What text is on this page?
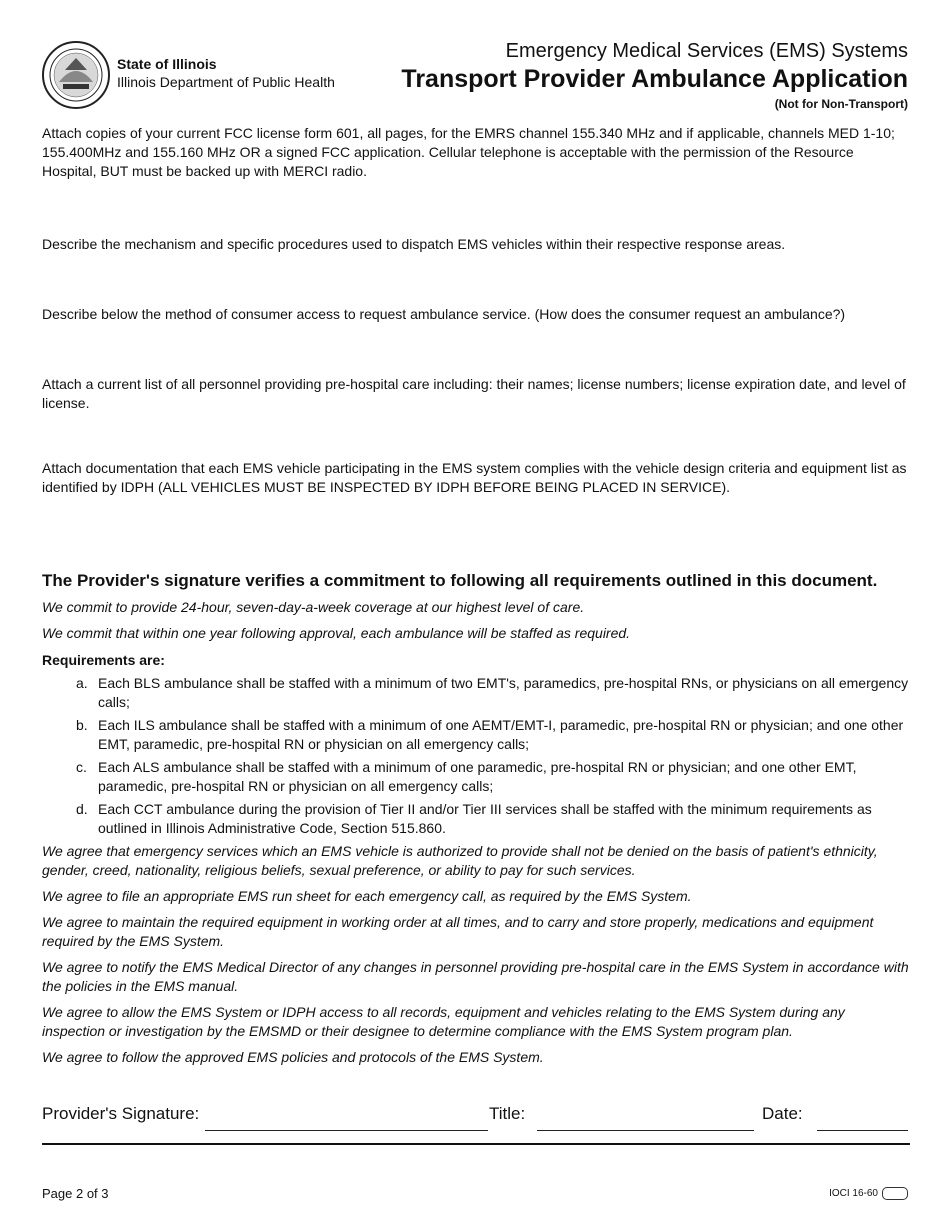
State of Illinois
Illinois Department of Public Health
Emergency Medical Services (EMS) Systems
Transport Provider Ambulance Application
(Not for Non-Transport)
Attach copies of your current FCC license form 601, all pages, for the EMRS channel 155.340 MHz and if applicable, channels MED 1-10; 155.400MHz and 155.160 MHz OR a signed FCC application. Cellular telephone is acceptable with the permission of the Resource Hospital, BUT must be backed up with MERCI radio.
Describe the mechanism and specific procedures used to dispatch EMS vehicles within their respective response areas.
Describe below the method of consumer access to request ambulance service. (How does the consumer request an ambulance?)
Attach a current list of all personnel providing pre-hospital care including: their names; license numbers; license expiration date, and level of license.
Attach documentation that each EMS vehicle participating in the EMS system complies with the vehicle design criteria and equipment list as identified by IDPH (ALL VEHICLES MUST BE INSPECTED BY IDPH BEFORE BEING PLACED IN SERVICE).
The Provider's signature verifies a commitment to following all requirements outlined in this document.
We commit to provide 24-hour, seven-day-a-week coverage at our highest level of care.
We commit that within one year following approval, each ambulance will be staffed as required.
Requirements are:
a. Each BLS ambulance shall be staffed with a minimum of two EMT's, paramedics, pre-hospital RNs, or physicians on all emergency calls;
b. Each ILS ambulance shall be staffed with a minimum of one AEMT/EMT-I, paramedic, pre-hospital RN or physician; and one other EMT, paramedic, pre-hospital RN or physician on all emergency calls;
c. Each ALS ambulance shall be staffed with a minimum of one paramedic, pre-hospital RN or physician; and one other EMT, paramedic, pre-hospital RN or physician on all emergency calls;
d. Each CCT ambulance during the provision of Tier II and/or Tier III services shall be staffed with the minimum requirements as outlined in Illinois Administrative Code, Section 515.860.
We agree that emergency services which an EMS vehicle is authorized to provide shall not be denied on the basis of patient's ethnicity, gender, creed, nationality, religious beliefs, sexual preference, or ability to pay for such services.
We agree to file an appropriate EMS run sheet for each emergency call, as required by the EMS System.
We agree to maintain the required equipment in working order at all times, and to carry and store properly, medications and equipment required by the EMS System.
We agree to notify the EMS Medical Director of any changes in personnel providing pre-hospital care in the EMS System in accordance with the policies in the EMS manual.
We agree to allow the EMS System or IDPH access to all records, equipment and vehicles relating to the EMS System during any inspection or investigation by the EMSMD or their designee to determine compliance with the EMS System program plan.
We agree to follow the approved EMS policies and protocols of the EMS System.
Provider's Signature:	Title:	Date:
Page 2 of 3	IOCI 16-60
